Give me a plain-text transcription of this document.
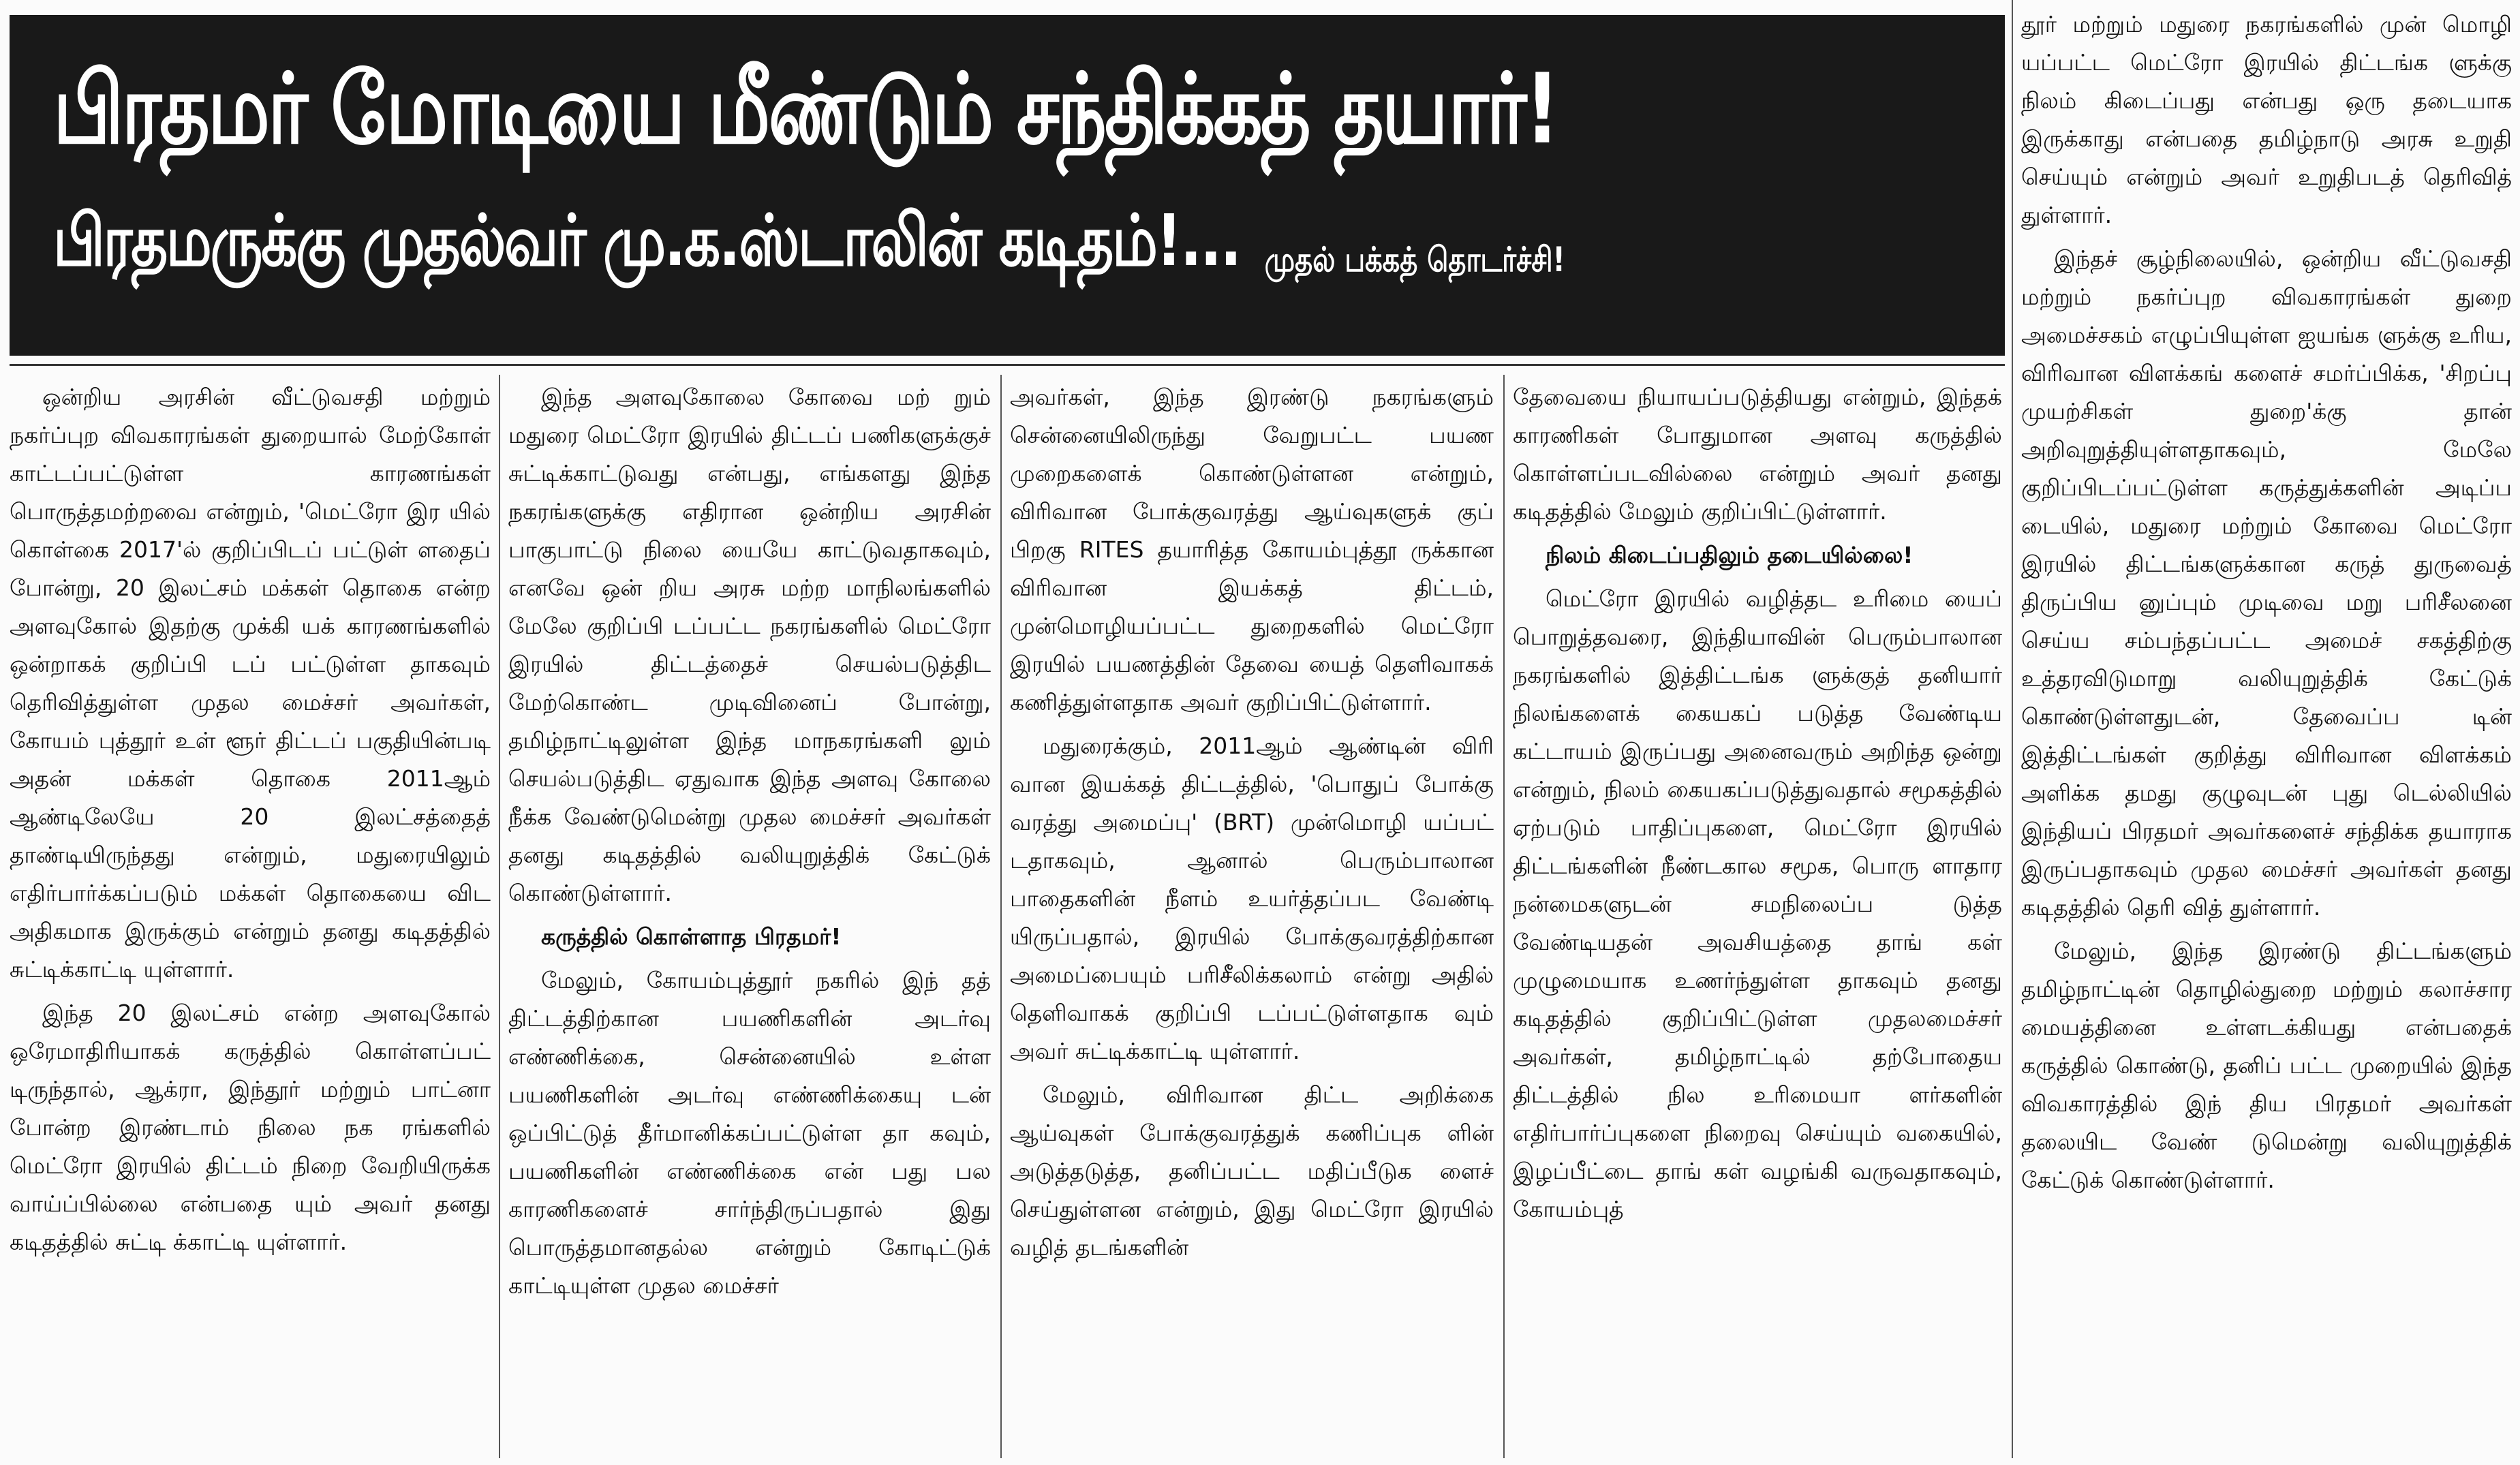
பிரதமர் மோடியை மீண்டும் சந்திக்கத் தயார்!
பிரதமருக்கு முதல்வர் மு.க.ஸ்டாலின் கடிதம்!... முதல் பக்கத் தொடர்ச்சி!

ஒன்றிய அரசின் வீட்டுவசதி மற்றும் நகர்ப்புற விவகாரங்கள் துறையால் மேற்கோள் காட்டப்பட்டுள்ள காரணங்கள் பொருத்தமற்றவை என்றும், 'மெட்ரோ இர யில் கொள்கை 2017'ல் குறிப்பிடப் பட்டுள் ளதைப் போன்று, 20 இலட்சம் மக்கள் தொகை என்ற அளவுகோல் இதற்கு முக்கி யக் காரணங்களில் ஒன்றாகக் குறிப்பி டப் பட்டுள்ள தாகவும் தெரிவித்துள்ள முதல மைச்சர் அவர்கள், கோயம் புத்தூர் உள் ளூர் திட்டப் பகுதியின்படி அதன் மக்கள் தொகை 2011ஆம் ஆண்டிலேயே 20 இலட்சத்தைத் தாண்டியிருந்தது என்றும், மதுரையிலும் எதிர்பார்க்கப்படும் மக்கள் தொகையை விட அதிகமாக இருக்கும் என்றும் தனது கடிதத்தில் சுட்டிக்காட்டி யுள்ளார்.

இந்த 20 இலட்சம் என்ற அளவுகோல் ஒரேமாதிரியாகக் கருத்தில் கொள்ளப்பட் டிருந்தால், ஆக்ரா, இந்தூர் மற்றும் பாட்னா போன்ற இரண்டாம் நிலை நக ரங்களில் மெட்ரோ இரயில் திட்டம் நிறை வேறியிருக்க வாய்ப்பில்லை என்பதை யும் அவர் தனது கடிதத்தில் சுட்டி க்காட்டி யுள்ளார்.

இந்த அளவுகோலை கோவை மற் றும் மதுரை மெட்ரோ இரயில் திட்டப் பணிகளுக்குச் சுட்டிக்காட்டுவது என்பது, எங்களது இந்த நகரங்களுக்கு எதிரான ஒன்றிய அரசின் பாகுபாட்டு நிலை யையே காட்டுவதாகவும், எனவே ஒன் றிய அரசு மற்ற மாநிலங்களில் மேலே குறிப்பி டப்பட்ட நகரங்களில் மெட்ரோ இரயில் திட்டத்தைச் செயல்படுத்திட மேற்கொண்ட முடிவினைப் போன்று, தமிழ்நாட்டிலுள்ள இந்த மாநகரங்களி லும் செயல்படுத்திட ஏதுவாக இந்த அளவு கோலை நீக்க வேண்டுமென்று முதல மைச்சர் அவர்கள் தனது கடிதத்தில் வலியுறுத்திக் கேட்டுக் கொண்டுள்ளார்.

கருத்தில் கொள்ளாத பிரதமர்!

மேலும், கோயம்புத்தூர் நகரில் இந் தத் திட்டத்திற்கான பயணிகளின் அடர்வு எண்ணிக்கை, சென்னையில் உள்ள பயணிகளின் அடர்வு எண்ணிக்கையு டன் ஒப்பிட்டுத் தீர்மானிக்கப்பட்டுள்ள தா கவும், பயணிகளின் எண்ணிக்கை என் பது பல காரணிகளைச் சார்ந்திருப்பதால் இது பொருத்தமானதல்ல என்றும் கோடிட்டுக் காட்டியுள்ள முதல மைச்சர்

அவர்கள், இந்த இரண்டு நகரங்களும் சென்னையிலிருந்து வேறுபட்ட பயண முறைகளைக் கொண்டுள்ளன என்றும், விரிவான போக்குவரத்து ஆய்வுகளுக் குப் பிறகு RITES தயாரித்த கோயம்புத்தூ ருக்கான விரிவான இயக்கத் திட்டம், முன்மொழியப்பட்ட துறைகளில் மெட்ரோ இரயில் பயணத்தின் தேவை யைத் தெளிவாகக் கணித்துள்ளதாக அவர் குறிப்பிட்டுள்ளார்.

மதுரைக்கும், 2011ஆம் ஆண்டின் விரி வான இயக்கத் திட்டத்தில், 'பொதுப் போக்கு வரத்து அமைப்பு' (BRT) முன்மொழி யப்பட் டதாகவும், ஆனால் பெரும்பாலான பாதைகளின் நீளம் உயர்த்தப்பட வேண்டி யிருப்பதால், இரயில் போக்குவரத்திற்கான அமைப்பையும் பரிசீலிக்கலாம் என்று அதில் தெளிவாகக் குறிப்பி டப்பட்டுள்ளதாக வும் அவர் சுட்டிக்காட்டி யுள்ளார்.

மேலும், விரிவான திட்ட அறிக்கை ஆய்வுகள் போக்குவரத்துக் கணிப்புக ளின் அடுத்தடுத்த, தனிப்பட்ட மதிப்பீடுக ளைச் செய்துள்ளன என்றும், இது மெட்ரோ இரயில் வழித் தடங்களின்

தேவையை நியாயப்படுத்தியது என்றும், இந்தக் காரணிகள் போதுமான அளவு கருத்தில் கொள்ளப்படவில்லை என்றும் அவர் தனது கடிதத்தில் மேலும் குறிப்பிட்டுள்ளார்.

நிலம் கிடைப்பதிலும் தடையில்லை!

மெட்ரோ இரயில் வழித்தட உரிமை யைப் பொறுத்தவரை, இந்தியாவின் பெரும்பாலான நகரங்களில் இத்திட்டங்க ளுக்குத் தனியார் நிலங்களைக் கையகப் படுத்த வேண்டிய கட்டாயம் இருப்பது அனைவரும் அறிந்த ஒன்று என்றும், நிலம் கையகப்படுத்துவதால் சமூகத்தில் ஏற்படும் பாதிப்புகளை, மெட்ரோ இரயில் திட்டங்களின் நீண்டகால சமூக, பொரு ளாதார நன்மைகளுடன் சமநிலைப்ப டுத்த வேண்டியதன் அவசியத்தை தாங் கள் முழுமையாக உணர்ந்துள்ள தாகவும் தனது கடிதத்தில் குறிப்பிட்டுள்ள முதலமைச்சர் அவர்கள், தமிழ்நாட்டில் தற்போதைய திட்டத்தில் நில உரிமையா ளர்களின் எதிர்பார்ப்புகளை நிறைவு செய்யும் வகையில், இழப்பீட்டை தாங் கள் வழங்கி வருவதாகவும், கோயம்புத்

தூர் மற்றும் மதுரை நகரங்களில் முன் மொழி யப்பட்ட மெட்ரோ இரயில் திட்டங்க ளுக்கு நிலம் கிடைப்பது என்பது ஒரு தடையாக இருக்காது என்பதை தமிழ்நாடு அரசு உறுதி செய்யும் என்றும் அவர் உறுதிபடத் தெரிவித் துள்ளார்.

இந்தச் சூழ்நிலையில், ஒன்றிய வீட்டுவசதி மற்றும் நகர்ப்புற விவகாரங்கள் துறை அமைச்சகம் எழுப்பியுள்ள ஐயங்க ளுக்கு உரிய, விரிவான விளக்கங் களைச் சமர்ப்பிக்க, 'சிறப்பு முயற்சிகள் துறை'க்கு தான் அறிவுறுத்தியுள்ளதாகவும், மேலே குறிப்பிடப்பட்டுள்ள கருத்துக்களின் அடிப்ப டையில், மதுரை மற்றும் கோவை மெட்ரோ இரயில் திட்டங்களுக்கான கருத் துருவைத் திருப்பிய னுப்பும் முடிவை மறு பரிசீலனை செய்ய சம்பந்தப்பட்ட அமைச் சகத்திற்கு உத்தரவிடுமாறு வலியுறுத்திக் கேட்டுக் கொண்டுள்ளதுடன், தேவைப்ப டின் இத்திட்டங்கள் குறித்து விரிவான விளக்கம் அளிக்க தமது குழுவுடன் புது டெல்லியில் இந்தியப் பிரதமர் அவர்களைச் சந்திக்க தயாராக இருப்பதாகவும் முதல மைச்சர் அவர்கள் தனது கடிதத்தில் தெரி வித் துள்ளார்.

மேலும், இந்த இரண்டு திட்டங்களும் தமிழ்நாட்டின் தொழில்துறை மற்றும் கலாச்சார மையத்தினை உள்ளடக்கியது என்பதைக் கருத்தில் கொண்டு, தனிப் பட்ட முறையில் இந்த விவகாரத்தில் இந் திய பிரதமர் அவர்கள் தலையிட வேண் டுமென்று வலியுறுத்திக் கேட்டுக் கொண்டுள்ளார்.
